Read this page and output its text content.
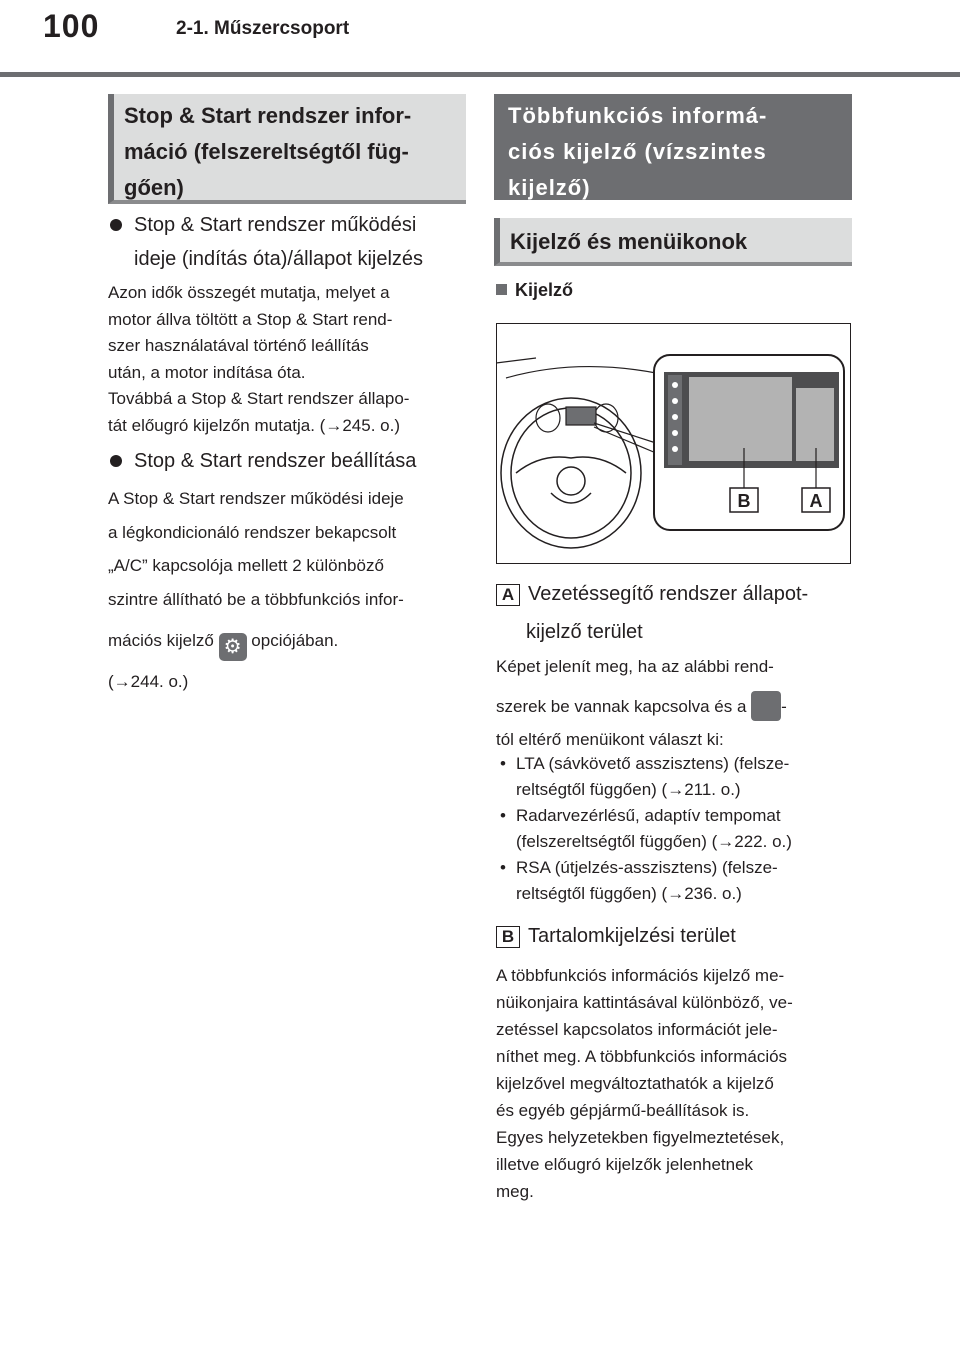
100	2-1. Műszercsoport
Stop & Start rendszer infor-
máció (felszereltségtől füg-
gően)
Stop & Start rendszer működési
ideje (indítás óta)/állapot kijelzés
Azon idők összegét mutatja, melyet a
motor állva töltött a Stop & Start rend-
szer használatával történő leállítás
után, a motor indítása óta.
Továbbá a Stop & Start rendszer állapo-
tát előugró kijelzőn mutatja. (→245. o.)
Stop & Start rendszer beállítása
A Stop & Start rendszer működési ideje
a légkondicionáló rendszer bekapcsolt
„A/C” kapcsolója mellett 2 különböző
szintre állítható be a többfunkciós infor-
mációs kijelző ⚙ opciójában.
(→244. o.)
Többfunkciós informá-
ciós kijelző (vízszintes
kijelző)
Kijelző és menüikonok
Kijelző
B	A
A Vezetéssegítő rendszer állapot-
kijelző terület
Képet jelenít meg, ha az alábbi rend-
szerek be vannak kapcsolva és a -
tól eltérő menüikont választ ki:
• LTA (sávkövető asszisztens) (felsze-
reltségtől függően) (→211. o.)
• Radarvezérlésű, adaptív tempomat
(felszereltségtől függően) (→222. o.)
• RSA (útjelzés-asszisztens) (felsze-
reltségtől függően) (→236. o.)
B Tartalomkijelzési terület
A többfunkciós információs kijelző me-
nüikonjaira kattintásával különböző, ve-
zetéssel kapcsolatos információt jele-
níthet meg. A többfunkciós információs
kijelzővel megváltoztathatók a kijelző
és egyéb gépjármű-beállítások is.
Egyes helyzetekben figyelmeztetések,
illetve előugró kijelzők jelenhetnek
meg.
